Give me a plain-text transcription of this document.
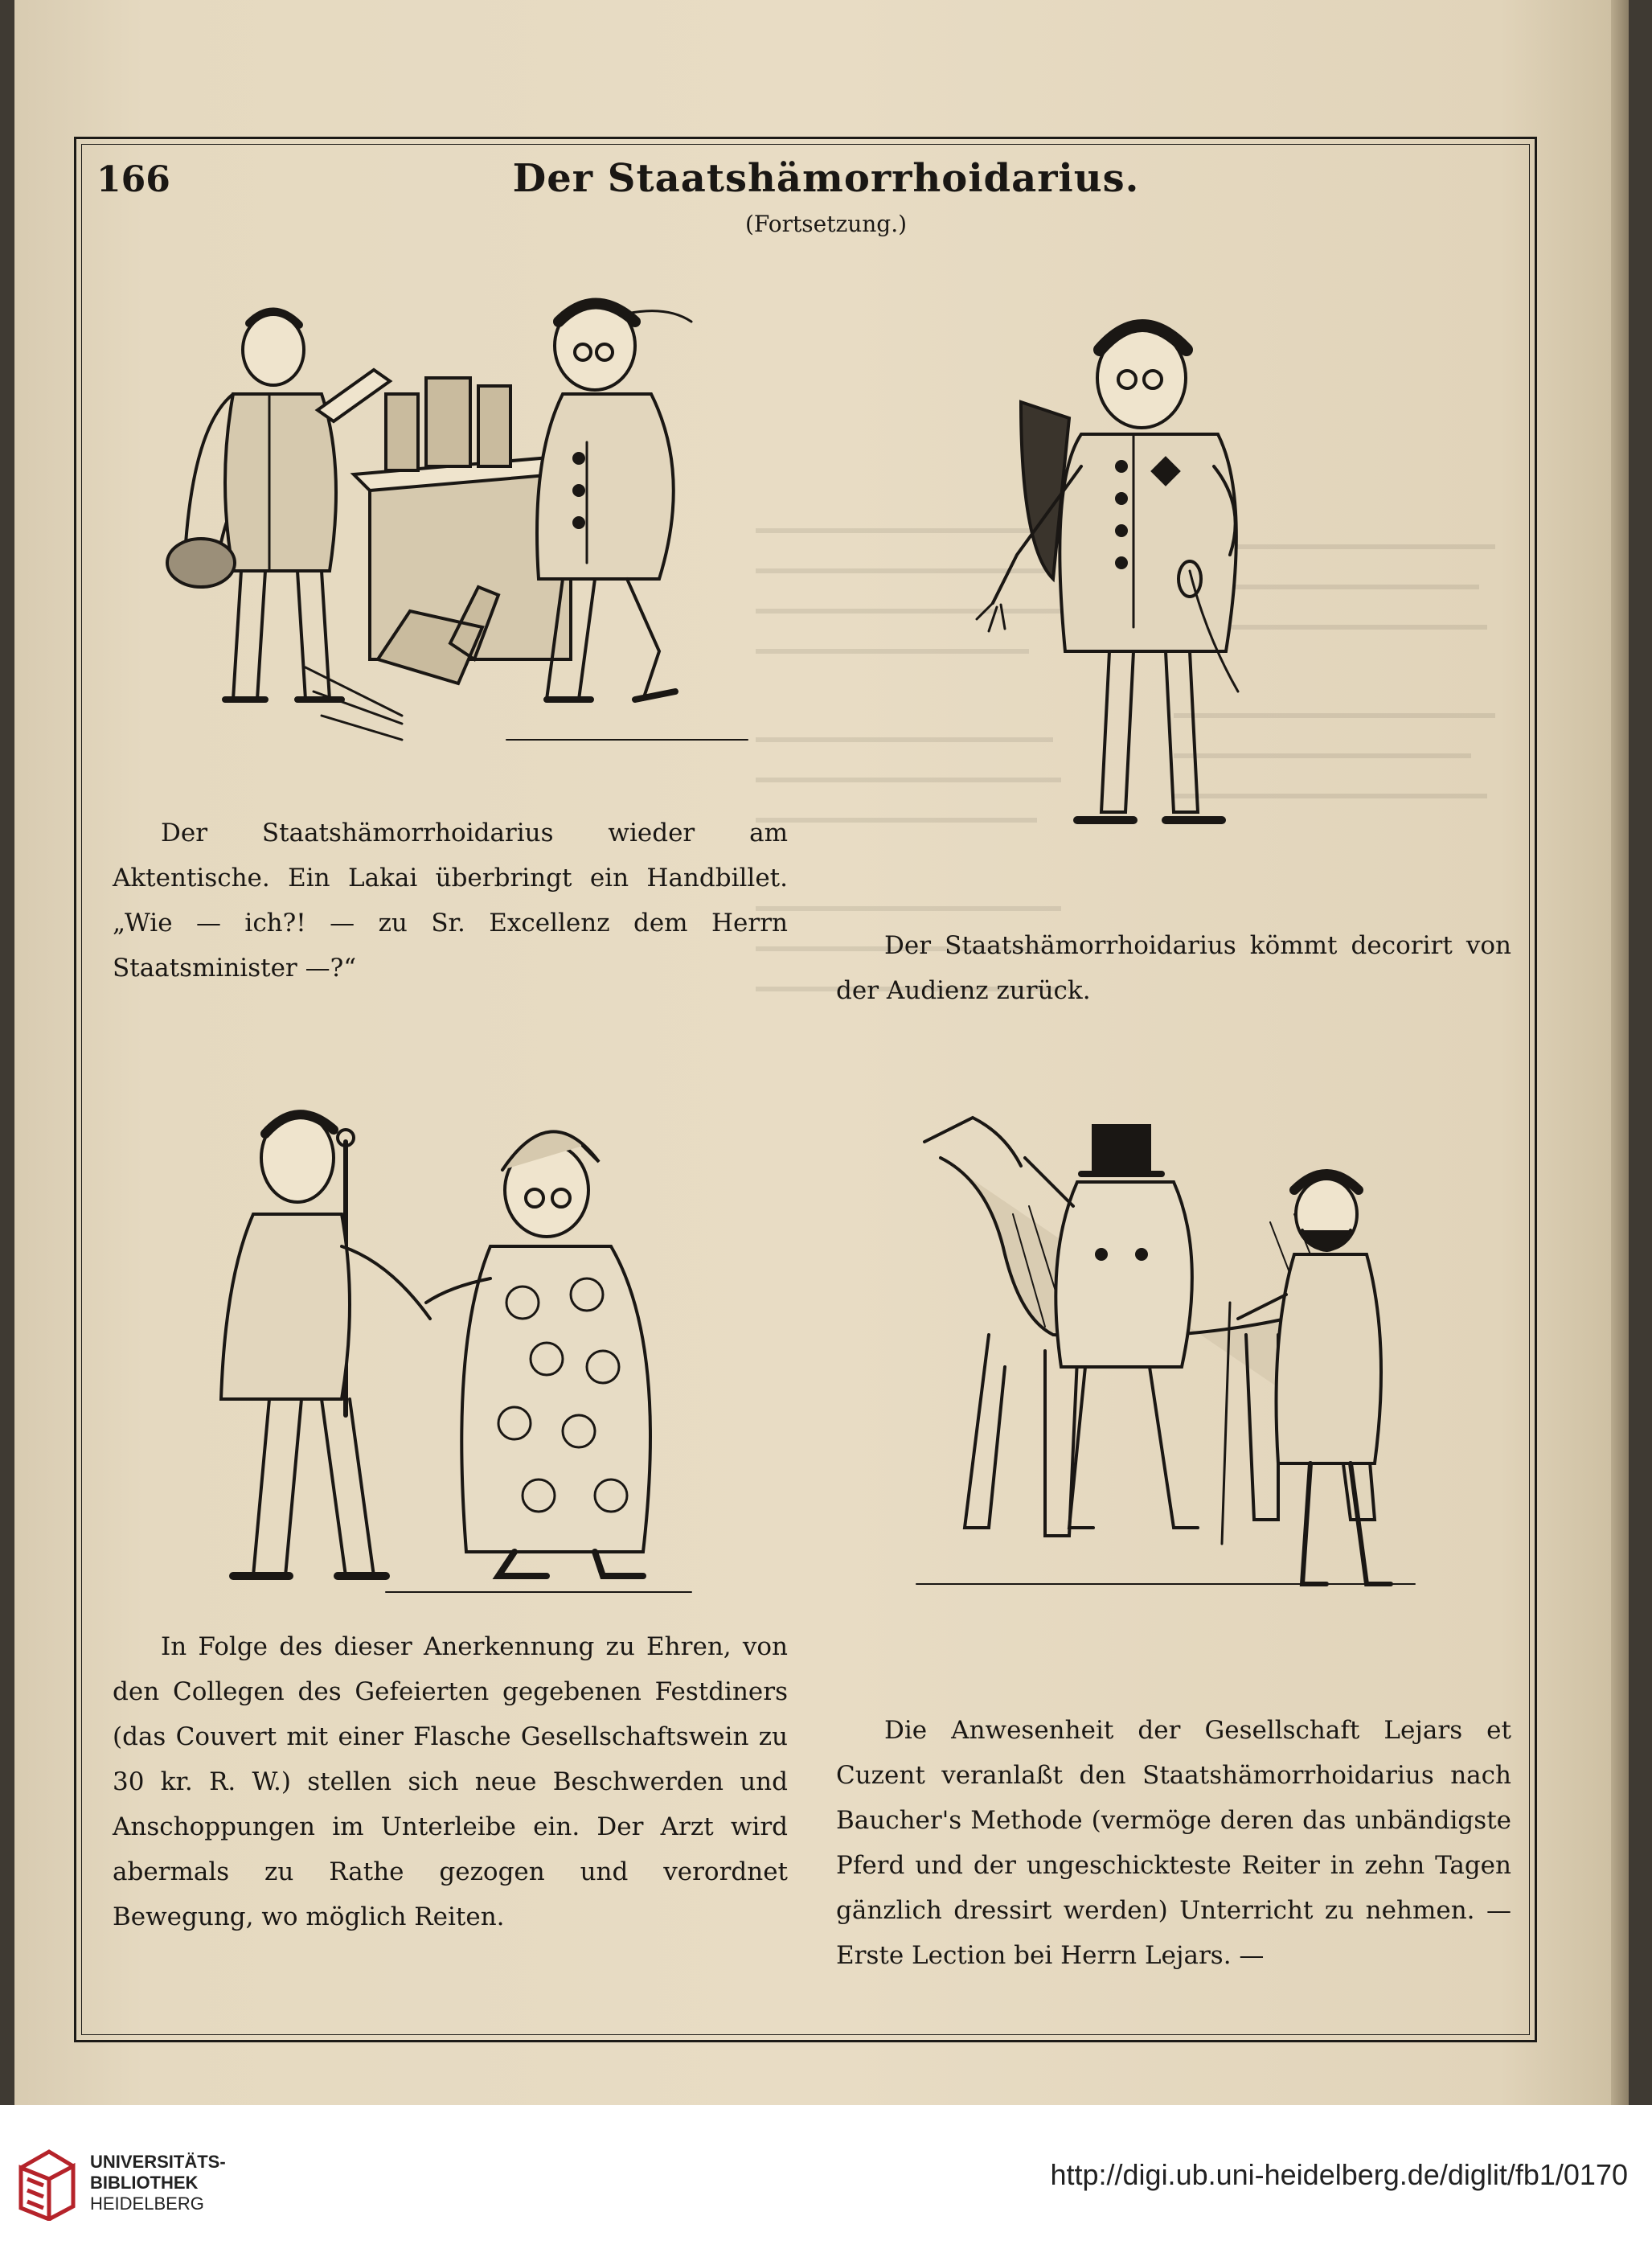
166	Der Staatshämorrhoidarius.
(Fortsetzung.)
Der Staatshämorrhoidarius wieder am Aktentische. Ein Lakai überbringt ein Handbillet. „Wie — ich?! — zu Sr. Excellenz dem Herrn Staatsminister —?“
Der Staatshämorrhoidarius kömmt decorirt von der Audienz zurück.
In Folge des dieser Anerkennung zu Ehren, von den Collegen des Gefeierten gegebenen Festdiners (das Couvert mit einer Flasche Gesellschaftswein zu 30 kr. R. W.) stellen sich neue Beschwerden und Anschoppungen im Unterleibe ein. Der Arzt wird abermals zu Rathe gezogen und verordnet Bewegung, wo möglich Reiten.
Die Anwesenheit der Gesellschaft Lejars et Cuzent veranlaßt den Staatshämorrhoidarius nach Baucher's Methode (vermöge deren das unbändigste Pferd und der ungeschickteste Reiter in zehn Tagen gänzlich dressirt werden) Unterricht zu nehmen. — Erste Lection bei Herrn Lejars. —
UNIVERSITÄTS-
BIBLIOTHEK
HEIDELBERG
http://digi.ub.uni-heidelberg.de/diglit/fb1/0170
